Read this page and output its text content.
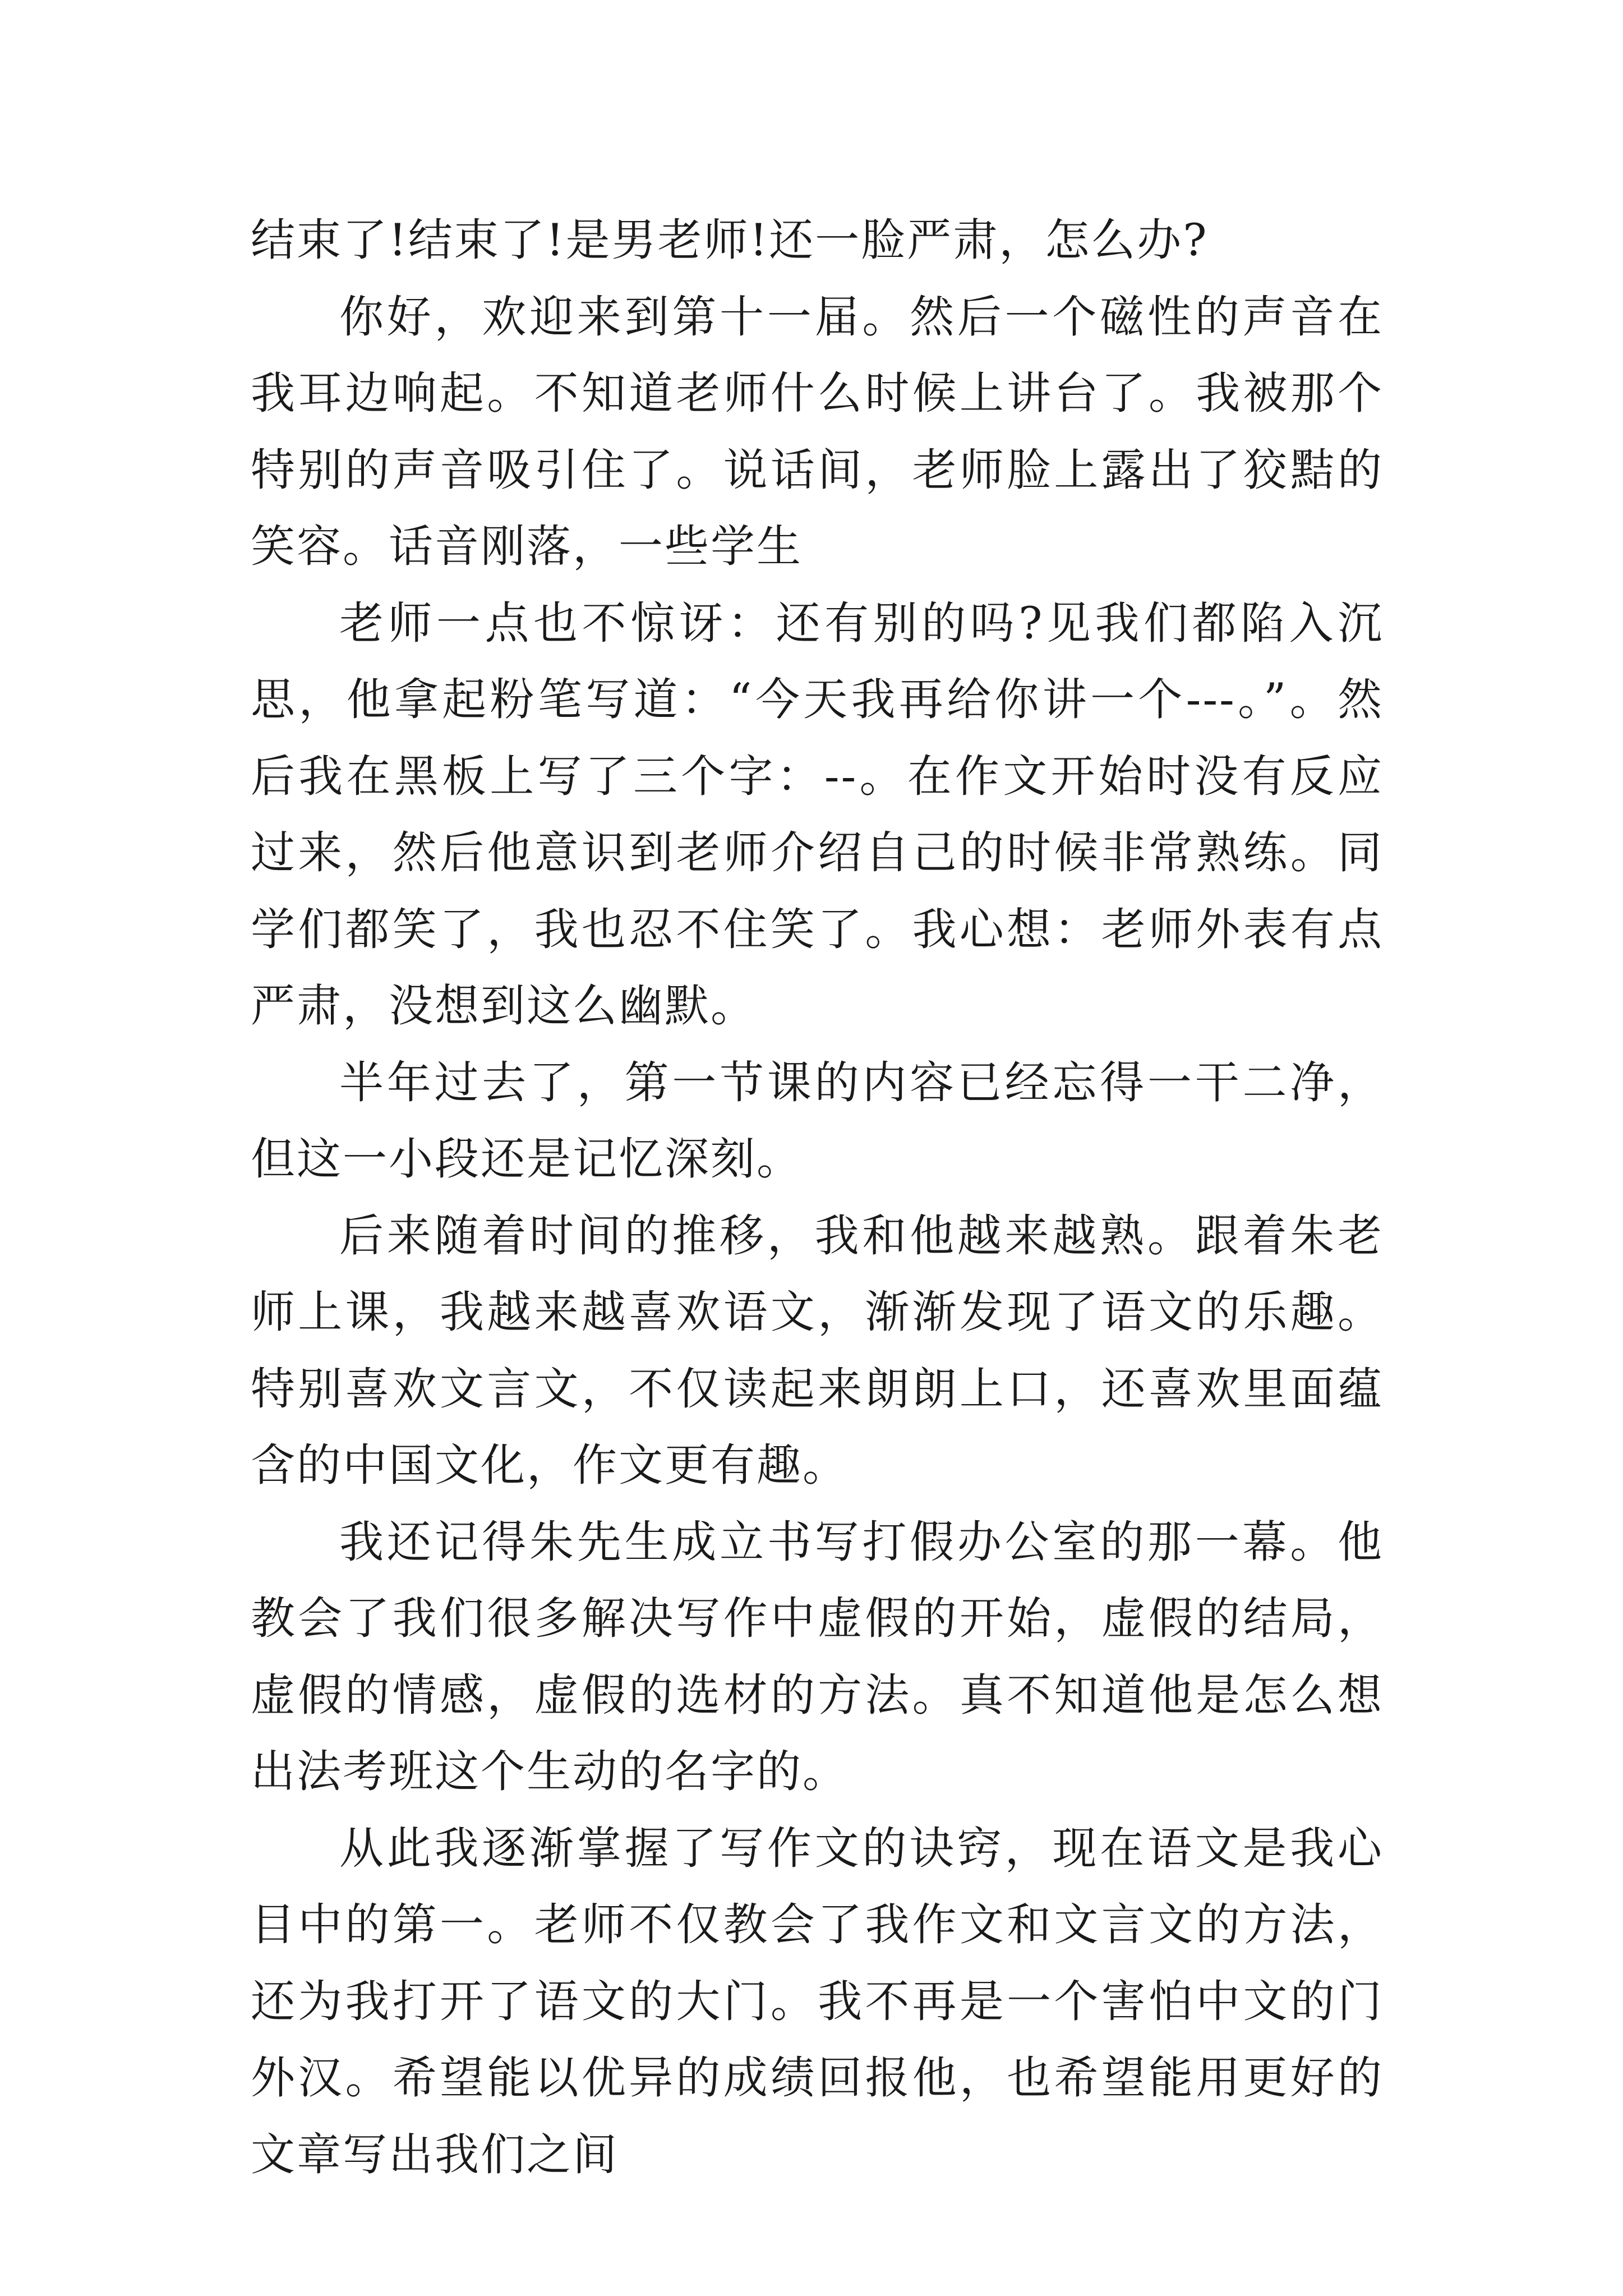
结束了!结束了!是男老师!还一脸严肃，怎么办?

你好，欢迎来到第十一届。然后一个磁性的声音在我耳边响起。不知道老师什么时候上讲台了。我被那个特别的声音吸引住了。说话间，老师脸上露出了狡黠的笑容。话音刚落，一些学生

老师一点也不惊讶：还有别的吗?见我们都陷入沉思，他拿起粉笔写道：“今天我再给你讲一个---。”。然后我在黑板上写了三个字：--。在作文开始时没有反应过来，然后他意识到老师介绍自己的时候非常熟练。同学们都笑了，我也忍不住笑了。我心想：老师外表有点严肃，没想到这么幽默。

半年过去了，第一节课的内容已经忘得一干二净，但这一小段还是记忆深刻。

后来随着时间的推移，我和他越来越熟。跟着朱老师上课，我越来越喜欢语文，渐渐发现了语文的乐趣。特别喜欢文言文，不仅读起来朗朗上口，还喜欢里面蕴含的中国文化，作文更有趣。

我还记得朱先生成立书写打假办公室的那一幕。他教会了我们很多解决写作中虚假的开始，虚假的结局，虚假的情感，虚假的选材的方法。真不知道他是怎么想出法考班这个生动的名字的。

从此我逐渐掌握了写作文的诀窍，现在语文是我心目中的第一。老师不仅教会了我作文和文言文的方法，还为我打开了语文的大门。我不再是一个害怕中文的门外汉。希望能以优异的成绩回报他，也希望能用更好的文章写出我们之间
